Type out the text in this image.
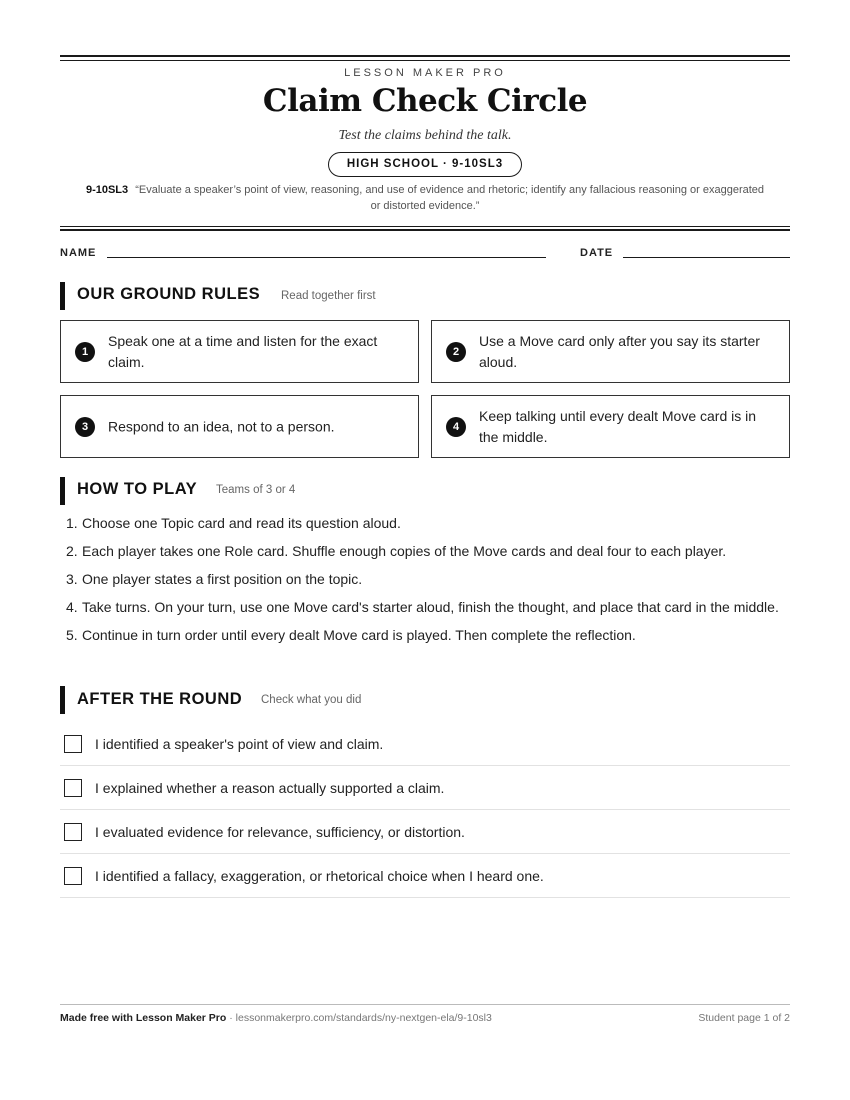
LESSON MAKER PRO
Claim Check Circle
Test the claims behind the talk.
HIGH SCHOOL · 9-10SL3
9-10SL3 “Evaluate a speaker’s point of view, reasoning, and use of evidence and rhetoric; identify any fallacious reasoning or exaggerated or distorted evidence.”
NAME	DATE
OUR GROUND RULES Read together first
1
Speak one at a time and listen for the exact claim.
2
Use a Move card only after you say its starter aloud.
3	Respond to an idea, not to a person.	4
Keep talking until every dealt Move card is in the middle.
HOW TO PLAY Teams of 3 or 4
1. Choose one Topic card and read its question aloud.
2. Each player takes one Role card. Shuffle enough copies of the Move cards and deal four to each player.
3. One player states a first position on the topic.
4. Take turns. On your turn, use one Move card's starter aloud, finish the thought, and place that card in the middle.
5. Continue in turn order until every dealt Move card is played. Then complete the reflection.
AFTER THE ROUND Check what you did
I identified a speaker's point of view and claim.
I explained whether a reason actually supported a claim.
I evaluated evidence for relevance, sufficiency, or distortion.
I identified a fallacy, exaggeration, or rhetorical choice when I heard one.
Made free with Lesson Maker Pro · lessonmakerpro.com/standards/ny-nextgen-ela/9-10sl3	Student page 1 of 2
